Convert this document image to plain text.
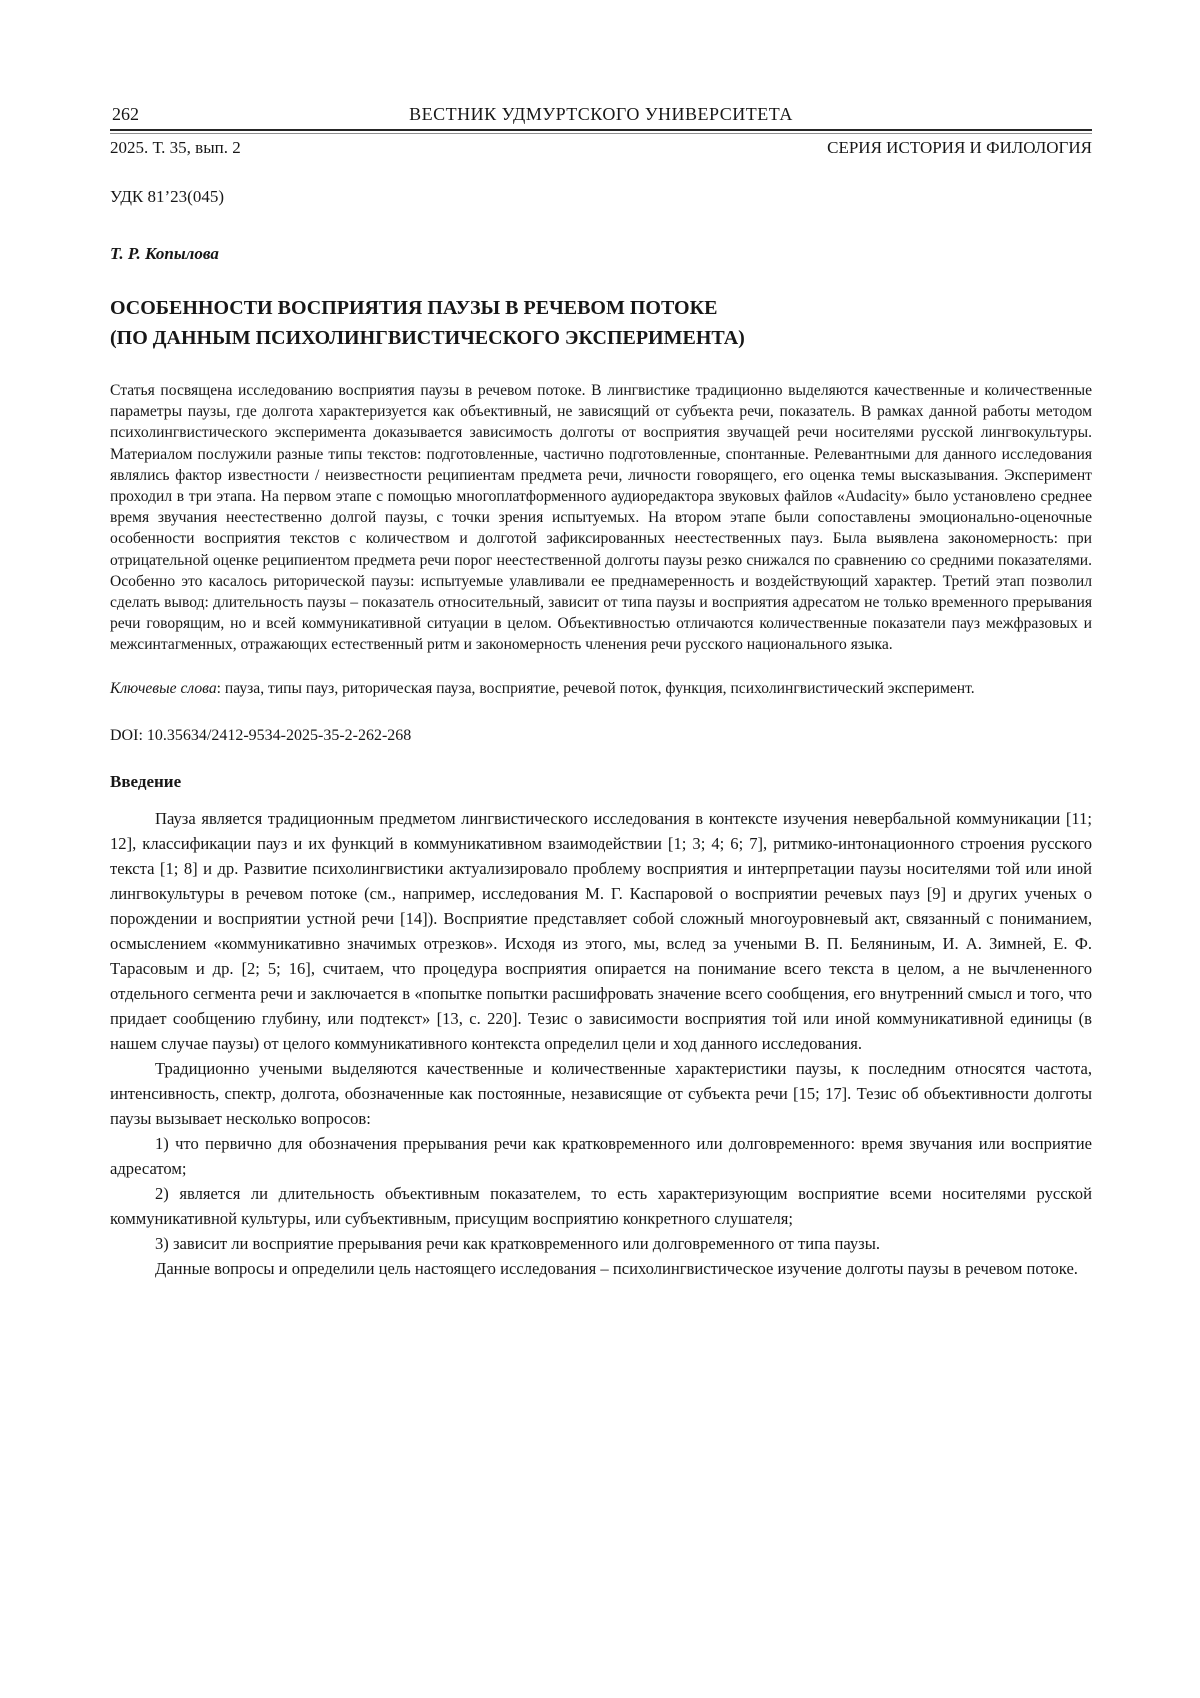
262	ВЕСТНИК УДМУРТСКОГО УНИВЕРСИТЕТА
2025. Т. 35, вып. 2	СЕРИЯ ИСТОРИЯ И ФИЛОЛОГИЯ
УДК 81’23(045)
Т. Р. Копылова
ОСОБЕННОСТИ ВОСПРИЯТИЯ ПАУЗЫ В РЕЧЕВОМ ПОТОКЕ
(ПО ДАННЫМ ПСИХОЛИНГВИСТИЧЕСКОГО ЭКСПЕРИМЕНТА)
Статья посвящена исследованию восприятия паузы в речевом потоке. В лингвистике традиционно выделяются качественные и количественные параметры паузы, где долгота характеризуется как объективный, не зависящий от субъекта речи, показатель. В рамках данной работы методом психолингвистического эксперимента доказывается зависимость долготы от восприятия звучащей речи носителями русской лингвокультуры. Материалом послужили разные типы текстов: подготовленные, частично подготовленные, спонтанные. Релевантными для данного исследования являлись фактор известности / неизвестности реципиентам предмета речи, личности говорящего, его оценка темы высказывания. Эксперимент проходил в три этапа. На первом этапе с помощью многоплатформенного аудиоредактора звуковых файлов «Audacity» было установлено среднее время звучания неестественно долгой паузы, с точки зрения испытуемых. На втором этапе были сопоставлены эмоционально-оценочные особенности восприятия текстов с количеством и долготой зафиксированных неестественных пауз. Была выявлена закономерность: при отрицательной оценке реципиентом предмета речи порог неестественной долготы паузы резко снижался по сравнению со средними показателями. Особенно это касалось риторической паузы: испытуемые улавливали ее преднамеренность и воздействующий характер. Третий этап позволил сделать вывод: длительность паузы – показатель относительный, зависит от типа паузы и восприятия адресатом не только временного прерывания речи говорящим, но и всей коммуникативной ситуации в целом. Объективностью отличаются количественные показатели пауз межфразовых и межсинтагменных, отражающих естественный ритм и закономерность членения речи русского национального языка.
Ключевые слова: пауза, типы пауз, риторическая пауза, восприятие, речевой поток, функция, психолингвистический эксперимент.
DOI: 10.35634/2412-9534-2025-35-2-262-268
Введение

Пауза является традиционным предметом лингвистического исследования в контексте изучения невербальной коммуникации [11; 12], классификации пауз и их функций в коммуникативном взаимодействии [1; 3; 4; 6; 7], ритмико-интонационного строения русского текста [1; 8] и др. Развитие психолингвистики актуализировало проблему восприятия и интерпретации паузы носителями той или иной лингвокультуры в речевом потоке (см., например, исследования М. Г. Каспаровой о восприятии речевых пауз [9] и других ученых о порождении и восприятии устной речи [14]). Восприятие представляет собой сложный многоуровневый акт, связанный с пониманием, осмыслением «коммуникативно значимых отрезков». Исходя из этого, мы, вслед за учеными В. П. Беляниным, И. А. Зимней, Е. Ф. Тарасовым и др. [2; 5; 16], считаем, что процедура восприятия опирается на понимание всего текста в целом, а не вычлененного отдельного сегмента речи и заключается в «попытке попытки расшифровать значение всего сообщения, его внутренний смысл и того, что придает сообщению глубину, или подтекст» [13, с. 220]. Тезис о зависимости восприятия той или иной коммуникативной единицы (в нашем случае паузы) от целого коммуникативного контекста определил цели и ход данного исследования.

Традиционно учеными выделяются качественные и количественные характеристики паузы, к последним относятся частота, интенсивность, спектр, долгота, обозначенные как постоянные, независящие от субъекта речи [15; 17]. Тезис об объективности долготы паузы вызывает несколько вопросов:

1) что первично для обозначения прерывания речи как кратковременного или долговременного: время звучания или восприятие адресатом;

2) является ли длительность объективным показателем, то есть характеризующим восприятие всеми носителями русской коммуникативной культуры, или субъективным, присущим восприятию конкретного слушателя;

3) зависит ли восприятие прерывания речи как кратковременного или долговременного от типа паузы.

Данные вопросы и определили цель настоящего исследования – психолингвистическое изучение долготы паузы в речевом потоке.
